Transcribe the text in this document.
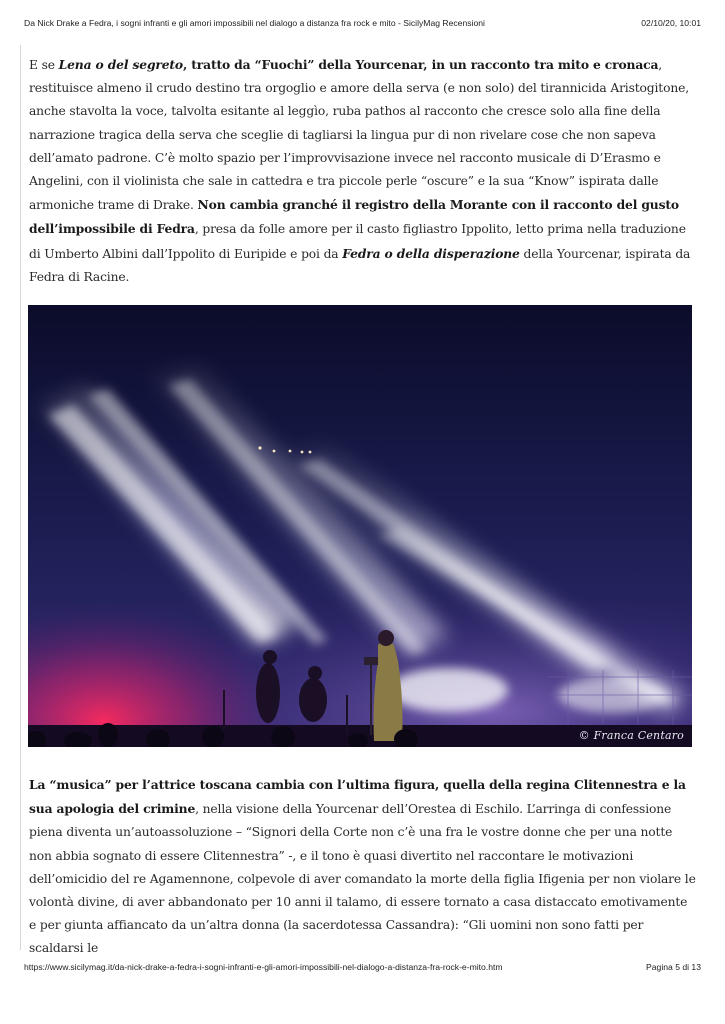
Da Nick Drake a Fedra, i sogni infranti e gli amori impossibili nel dialogo a distanza fra rock e mito - SicilyMag Recensioni	02/10/20, 10:01

E se Lena o del segreto, tratto da “Fuochi” della Yourcenar, in un racconto tra mito e cronaca, restituisce almeno il crudo destino tra orgoglio e amore della serva (e non solo) del tirannicida Aristogitone, anche stavolta la voce, talvolta esitante al leggìo, ruba pathos al racconto che cresce solo alla fine della narrazione tragica della serva che sceglie di tagliarsi la lingua pur di non rivelare cose che non sapeva dell’amato padrone. C’è molto spazio per l’improvvisazione invece nel racconto musicale di D’Erasmo e Angelini, con il violinista che sale in cattedra e tra piccole perle “oscure” e la sua “Know” ispirata dalle armoniche trame di Drake. Non cambia granché il registro della Morante con il racconto del gusto dell’impossibile di Fedra, presa da folle amore per il casto figliastro Ippolito, letto prima nella traduzione di Umberto Albini dall’Ippolito di Euripide e poi da Fedra o della disperazione della Yourcenar, ispirata da Fedra di Racine.

© Franca Centaro

La “musica” per l’attrice toscana cambia con l’ultima figura, quella della regina Clitennestra e la sua apologia del crimine, nella visione della Yourcenar dell’Orestea di Eschilo. L’arringa di confessione piena diventa un’autoassoluzione – “Signori della Corte non c’è una fra le vostre donne che per una notte non abbia sognato di essere Clitennestra” -, e il tono è quasi divertito nel raccontare le motivazioni dell’omicidio del re Agamennone, colpevole di aver comandato la morte della figlia Ifigenia per non violare le volontà divine, di aver abbandonato per 10 anni il talamo, di essere tornato a casa distaccato emotivamente e per giunta affiancato da un’altra donna (la sacerdotessa Cassandra): “Gli uomini non sono fatti per scaldarsi le

https://www.sicilymag.it/da-nick-drake-a-fedra-i-sogni-infranti-e-gli-amori-impossibili-nel-dialogo-a-distanza-fra-rock-e-mito.htm	Pagina 5 di 13
